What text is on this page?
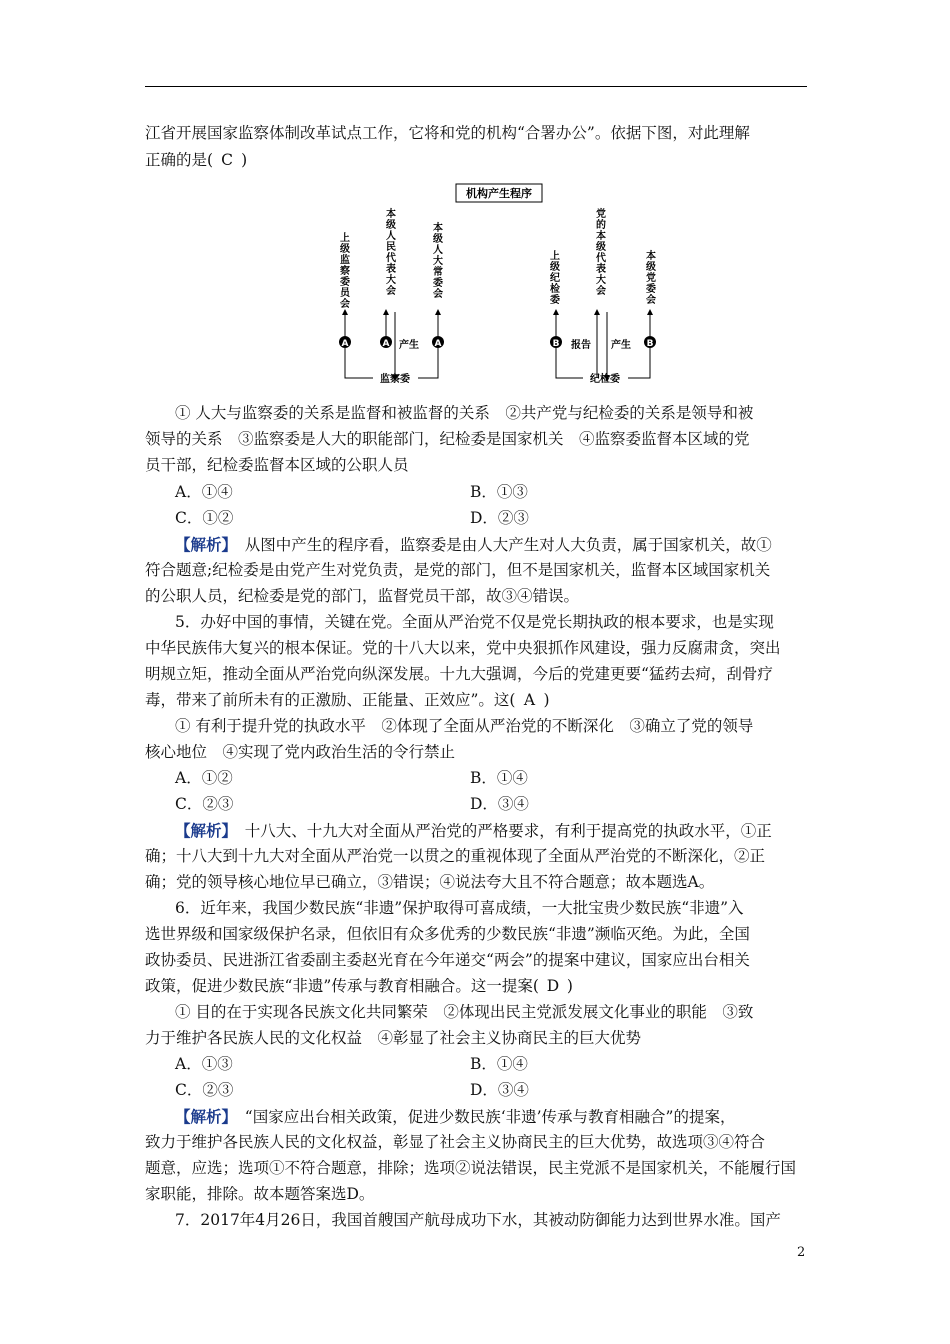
江省开展国家监察体制改革试点工作，它将和党的机构“合署办公”。依据下图，对此理解
正确的是( C )
机构产生程序
上级监察委员会	本级人民代表大会	本级人大常委会
A	A	A
产生
监察委
上级纪检委	党的本级代表大会	本级党委会
B	B
报告 产生
纪检委
① 人大与监察委的关系是监督和被监督的关系　②共产党与纪检委的关系是领导和被
领导的关系　③监察委是人大的职能部门，纪检委是国家机关　④监察委监督本区域的党
员干部，纪检委监督本区域的公职人员
A．①④	B．①③
C．①②	D．②③
【解析】　从图中产生的程序看，监察委是由人大产生对人大负责，属于国家机关，故①
符合题意;纪检委是由党产生对党负责，是党的部门，但不是国家机关，监督本区域国家机关
的公职人员，纪检委是党的部门，监督党员干部，故③④错误。
5．办好中国的事情，关键在党。全面从严治党不仅是党长期执政的根本要求，也是实现
中华民族伟大复兴的根本保证。党的十八大以来，党中央狠抓作风建设，强力反腐肃贪，突出
明规立矩，推动全面从严治党向纵深发展。十九大强调，今后的党建更要“猛药去疴，刮骨疗
毒，带来了前所未有的正激励、正能量、正效应”。这( A )
① 有利于提升党的执政水平　②体现了全面从严治党的不断深化　③确立了党的领导
核心地位　④实现了党内政治生活的令行禁止
A．①②	B．①④
C．②③	D．③④
【解析】　十八大、十九大对全面从严治党的严格要求，有利于提高党的执政水平，①正
确；十八大到十九大对全面从严治党一以贯之的重视体现了全面从严治党的不断深化，②正
确；党的领导核心地位早已确立，③错误；④说法夸大且不符合题意；故本题选A。
6．近年来，我国少数民族“非遗”保护取得可喜成绩，一大批宝贵少数民族“非遗”入
选世界级和国家级保护名录，但依旧有众多优秀的少数民族“非遗”濒临灭绝。为此，全国
政协委员、民进浙江省委副主委赵光育在今年递交“两会”的提案中建议，国家应出台相关
政策，促进少数民族“非遗”传承与教育相融合。这一提案( D )
① 目的在于实现各民族文化共同繁荣　②体现出民主党派发展文化事业的职能　③致
力于维护各民族人民的文化权益　④彰显了社会主义协商民主的巨大优势
A．①③	B．①④
C．②③	D．③④
【解析】　“国家应出台相关政策，促进少数民族‘非遗’传承与教育相融合”的提案，
致力于维护各民族人民的文化权益，彰显了社会主义协商民主的巨大优势，故选项③④符合
题意，应选；选项①不符合题意，排除；选项②说法错误，民主党派不是国家机关，不能履行国
家职能，排除。故本题答案选D。
7．2017年4月26日，我国首艘国产航母成功下水，其被动防御能力达到世界水准。国产
2
